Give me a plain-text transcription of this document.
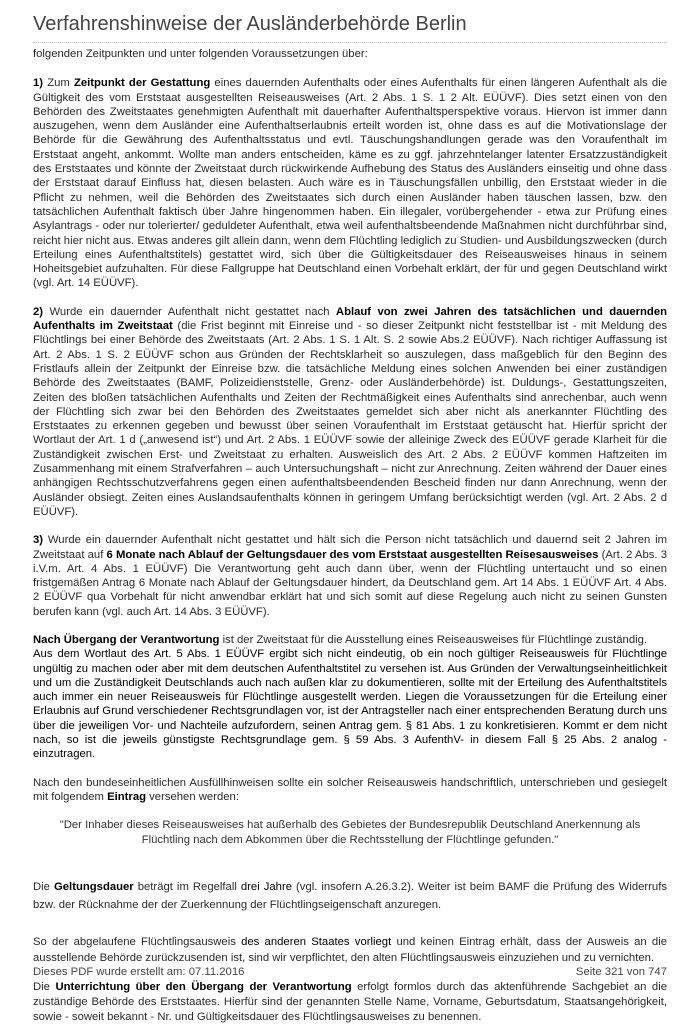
Verfahrenshinweise der Ausländerbehörde Berlin

folgenden Zeitpunkten und unter folgenden Voraussetzungen über:

1) Zum Zeitpunkt der Gestattung eines dauernden Aufenthalts oder eines Aufenthalts für einen längeren Aufenthalt als die Gültigkeit des vom Erststaat ausgestellten Reiseausweises (Art. 2 Abs. 1 S. 1 2 Alt. EÜÜVF). Dies setzt einen von den Behörden des Zweitstaates genehmigten Aufenthalt mit dauerhafter Aufenthaltsperspektive voraus. Hiervon ist immer dann auszugehen, wenn dem Ausländer eine Aufenthaltserlaubnis erteilt worden ist, ohne dass es auf die Motivationslage der Behörde für die Gewährung des Aufenthaltsstatus und evtl. Täuschungshandlungen gerade was den Voraufenthalt im Erststaat angeht, ankommt. Wollte man anders entscheiden, käme es zu ggf. jahrzehntelanger latenter Ersatzzuständigkeit des Erststaates und könnte der Zweitstaat durch rückwirkende Aufhebung des Status des Ausländers einseitig und ohne dass der Erststaat darauf Einfluss hat, diesen belasten. Auch wäre es in Täuschungsfällen unbillig, den Erststaat wieder in die Pflicht zu nehmen, weil die Behörden des Zweitstaates sich durch einen Ausländer haben täuschen lassen, bzw. den tatsächlichen Aufenthalt faktisch über Jahre hingenommen haben. Ein illegaler, vorübergehender - etwa zur Prüfung eines Asylantrags - oder nur tolerierter/ geduldeter Aufenthalt, etwa weil aufenthaltsbeendende Maßnahmen nicht durchführbar sind, reicht hier nicht aus. Etwas anderes gilt allein dann, wenn dem Flüchtling lediglich zu Studien- und Ausbildungszwecken (durch Erteilung eines Aufenthaltstitels) gestattet wird, sich über die Gültigkeitsdauer des Reiseausweises hinaus in seinem Hoheitsgebiet aufzuhalten. Für diese Fallgruppe hat Deutschland einen Vorbehalt erklärt, der für und gegen Deutschland wirkt (vgl. Art. 14 EÜÜVF).

2) Wurde ein dauernder Aufenthalt nicht gestattet nach Ablauf von zwei Jahren des tatsächlichen und dauernden Aufenthalts im Zweitstaat (die Frist beginnt mit Einreise und - so dieser Zeitpunkt nicht feststellbar ist - mit Meldung des Flüchtlings bei einer Behörde des Zweitstaats (Art. 2 Abs. 1 S. 1 Alt. S. 2 sowie Abs.2 EÜÜVF). Nach richtiger Auffassung ist Art. 2 Abs. 1 S. 2 EÜÜVF schon aus Gründen der Rechtsklarheit so auszulegen, dass maßgeblich für den Beginn des Fristlaufs allein der Zeitpunkt der Einreise bzw. die tatsächliche Meldung eines solchen Anwenden bei einer zuständigen Behörde des Zweitstaates (BAMF, Polizeidienststelle, Grenz- oder Ausländerbehörde) ist. Duldungs-, Gestattungszeiten, Zeiten des bloßen tatsächlichen Aufenthalts und Zeiten der Rechtmäßigkeit eines Aufenthalts sind anrechenbar, auch wenn der Flüchtling sich zwar bei den Behörden des Zweitstaates gemeldet sich aber nicht als anerkannter Flüchtling des Erststaates zu erkennen gegeben und bewusst über seinen Voraufenthalt im Erststaat getäuscht hat. Hierfür spricht der Wortlaut der Art. 1 d („anwesend ist“) und Art. 2 Abs. 1 EÜÜVF sowie der alleinige Zweck des EÜÜVF gerade Klarheit für die Zuständigkeit zwischen Erst- und Zweitstaat zu erhalten. Ausweislich des Art. 2 Abs. 2 EÜÜVF kommen Haftzeiten im Zusammenhang mit einem Strafverfahren – auch Untersuchungshaft – nicht zur Anrechnung. Zeiten während der Dauer eines anhängigen Rechtsschutzverfahrens gegen einen aufenthaltsbeendenden Bescheid finden nur dann Anrechnung, wenn der Ausländer obsiegt. Zeiten eines Auslandsaufenthalts können in geringem Umfang berücksichtigt werden (vgl. Art. 2 Abs. 2 d EÜÜVF).

3) Wurde ein dauernder Aufenthalt nicht gestattet und hält sich die Person nicht tatsächlich und dauernd seit 2 Jahren im Zweitstaat auf 6 Monate nach Ablauf der Geltungsdauer des vom Erststaat ausgestellten Reisesausweises (Art. 2 Abs. 3 i.V.m. Art. 4 Abs. 1 EÜÜVF) Die Verantwortung geht auch dann über, wenn der Flüchtling untertaucht und so einen fristgemäßen Antrag 6 Monate nach Ablauf der Geltungsdauer hindert, da Deutschland gem. Art 14 Abs. 1 EÜÜVF Art. 4 Abs. 2 EÜÜVF qua Vorbehalt für nicht anwendbar erklärt hat und sich somit auf diese Regelung auch nicht zu seinen Gunsten berufen kann (vgl. auch Art. 14 Abs. 3 EÜÜVF).

Nach Übergang der Verantwortung ist der Zweitstaat für die Ausstellung eines Reiseausweises für Flüchtlinge zuständig.
Aus dem Wortlaut des Art. 5 Abs. 1 EÜÜVF ergibt sich nicht eindeutig, ob ein noch gültiger Reiseausweis für Flüchtlinge ungültig zu machen oder aber mit dem deutschen Aufenthaltstitel zu versehen ist. Aus Gründen der Verwaltungseinheitlichkeit und um die Zuständigkeit Deutschlands auch nach außen klar zu dokumentieren, sollte mit der Erteilung des Aufenthaltstitels auch immer ein neuer Reiseausweis für Flüchtlinge ausgestellt werden. Liegen die Voraussetzungen für die Erteilung einer Erlaubnis auf Grund verschiedener Rechtsgrundlagen vor, ist der Antragsteller nach einer entsprechenden Beratung durch uns über die jeweiligen Vor- und Nachteile aufzufordern, seinen Antrag gem. § 81 Abs. 1 zu konkretisieren. Kommt er dem nicht nach, so ist die jeweils günstigste Rechtsgrundlage gem. § 59 Abs. 3 AufenthV- in diesem Fall § 25 Abs. 2 analog - einzutragen.

Nach den bundeseinheitlichen Ausfüllhinweisen sollte ein solcher Reiseausweis handschriftlich, unterschrieben und gesiegelt mit folgendem Eintrag versehen werden:

"Der Inhaber dieses Reiseausweises hat außerhalb des Gebietes der Bundesrepublik Deutschland Anerkennung als Flüchtling nach dem Abkommen über die Rechtsstellung der Flüchtlinge gefunden."

Die Geltungsdauer beträgt im Regelfall drei Jahre (vgl. insofern A.26.3.2). Weiter ist beim BAMF die Prüfung des Widerrufs bzw. der Rücknahme der der Zuerkennung der Flüchtlingseigenschaft anzuregen.

So der abgelaufene Flüchtlingsausweis des anderen Staates vorliegt und keinen Eintrag erhält, dass der Ausweis an die ausstellende Behörde zurückzusenden ist, sind wir verpflichtet, den alten Flüchtlingsausweis einzuziehen und zu vernichten.

Die Unterrichtung über den Übergang der Verantwortung erfolgt formlos durch das aktenführende Sachgebiet an die zuständige Behörde des Erststaates. Hierfür sind der genannten Stelle Name, Vorname, Geburtsdatum, Staatsangehörigkeit, sowie - soweit bekannt - Nr. und Gültigkeitsdauer des Flüchtlingsausweises zu benennen.

Dieses PDF wurde erstellt am: 07.11.2016	Seite 321 von 747
